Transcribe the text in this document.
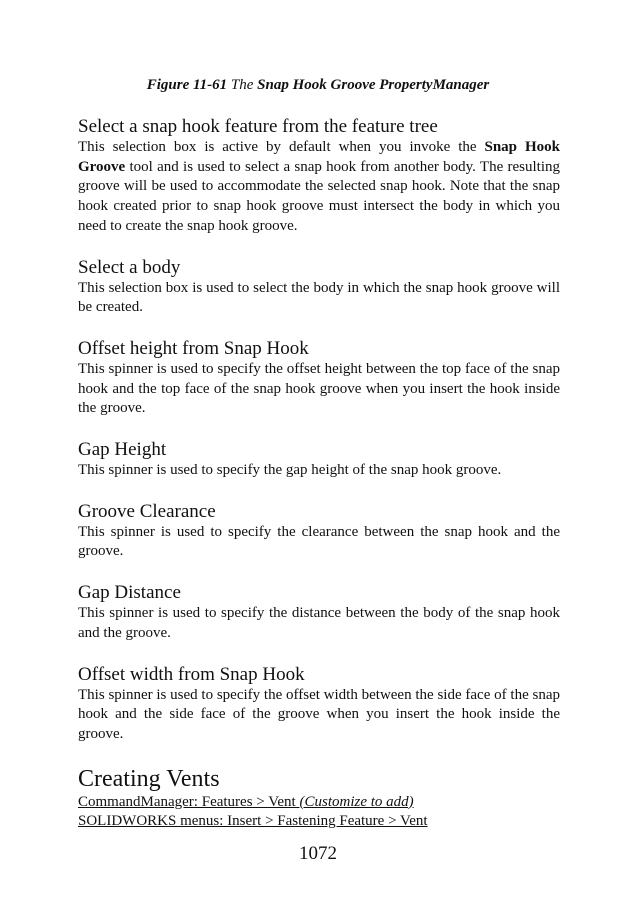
Figure 11-61 The Snap Hook Groove PropertyManager
Select a snap hook feature from the feature tree

This selection box is active by default when you invoke the Snap Hook Groove tool and is used to select a snap hook from another body. The resulting groove will be used to accommodate the selected snap hook. Note that the snap hook created prior to snap hook groove must intersect the body in which you need to create the snap hook groove.

Select a body

This selection box is used to select the body in which the snap hook groove will be created.

Offset height from Snap Hook

This spinner is used to specify the offset height between the top face of the snap hook and the top face of the snap hook groove when you insert the hook inside the groove.

Gap Height

This spinner is used to specify the gap height of the snap hook groove.

Groove Clearance

This spinner is used to specify the clearance between the snap hook and the groove.

Gap Distance

This spinner is used to specify the distance between the body of the snap hook and the groove.

Offset width from Snap Hook

This spinner is used to specify the offset width between the side face of the snap hook and the side face of the groove when you insert the hook inside the groove.

Creating Vents
CommandManager: Features > Vent (Customize to add)
SOLIDWORKS menus: Insert > Fastening Feature > Vent
1072
